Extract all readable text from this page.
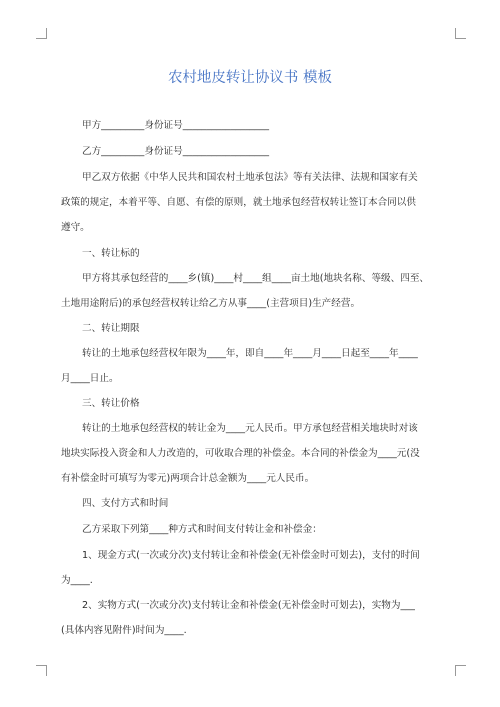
农村地皮转让协议书 模板
甲方_________身份证号__________________
乙方_________身份证号__________________
甲乙双方依据《中华人民共和国农村土地承包法》等有关法律、法规和国家有关
政策的规定，本着平等、自愿、有偿的原则，就土地承包经营权转让签订本合同以供
遵守。
一、转让标的
甲方将其承包经营的____乡(镇)____村____组____亩土地(地块名称、等级、四至、
土地用途附后)的承包经营权转让给乙方从事____(主营项目)生产经营。
二、转让期限
转让的土地承包经营权年限为____年，即自____年____月____日起至____年____
月____日止。
三、转让价格
转让的土地承包经营权的转让金为____元人民币。甲方承包经营相关地块时对该
地块实际投入资金和人力改造的，可收取合理的补偿金。本合同的补偿金为____元(没
有补偿金时可填写为零元)两项合计总金额为____元人民币。
四、支付方式和时间
乙方采取下列第____种方式和时间支付转让金和补偿金：
1、现金方式(一次或分次)支付转让金和补偿金(无补偿金时可划去)，支付的时间
为____.
2、实物方式(一次或分次)支付转让金和补偿金(无补偿金时可划去)，实物为___
(具体内容见附件)时间为____.
